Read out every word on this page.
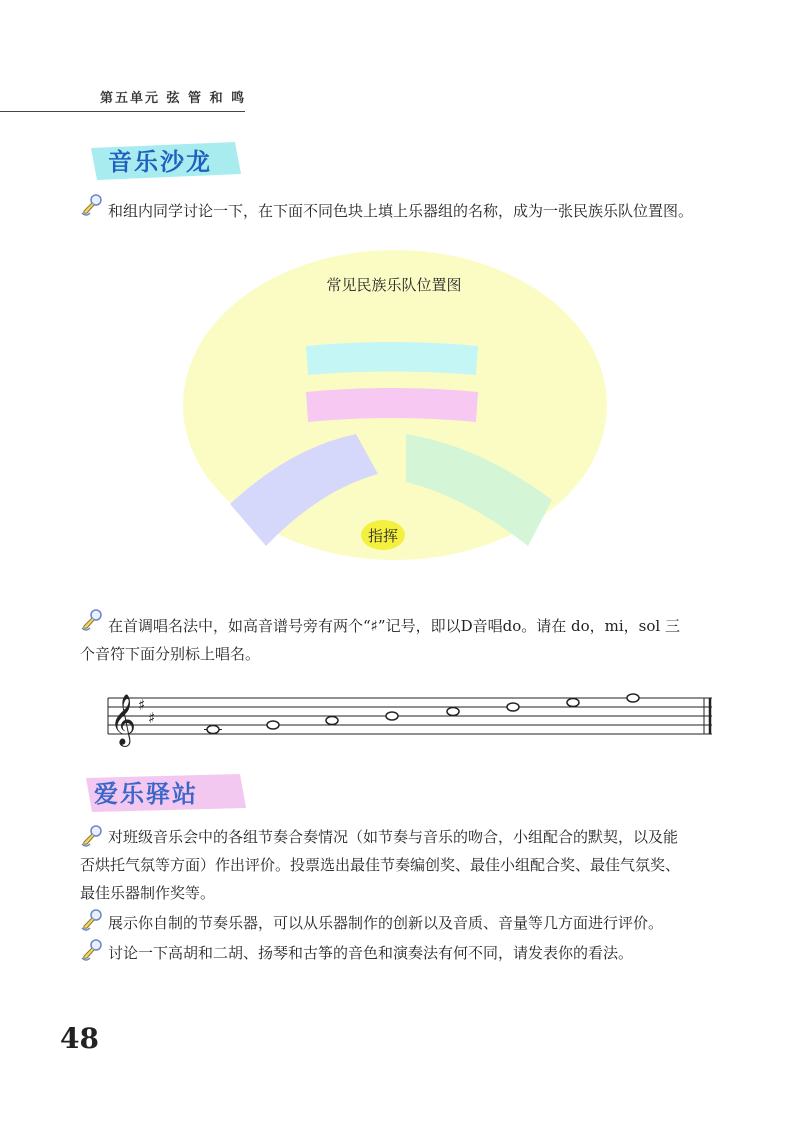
第五单元 弦 管 和 鸣
音乐沙龙
和组内同学讨论一下，在下面不同色块上填上乐器组的名称，成为一张民族乐队位置图。
常见民族乐队位置图
指挥
在首调唱名法中，如高音谱号旁有两个“♯”记号，即以D音唱do。请在 do，mi，sol 三
个音符下面分别标上唱名。
𝄞 ♯
♯
爱乐驿站
对班级音乐会中的各组节奏合奏情况（如节奏与音乐的吻合，小组配合的默契，以及能
否烘托气氛等方面）作出评价。投票选出最佳节奏编创奖、最佳小组配合奖、最佳气氛奖、
最佳乐器制作奖等。
展示你自制的节奏乐器，可以从乐器制作的创新以及音质、音量等几方面进行评价。
讨论一下高胡和二胡、扬琴和古筝的音色和演奏法有何不同，请发表你的看法。
48
